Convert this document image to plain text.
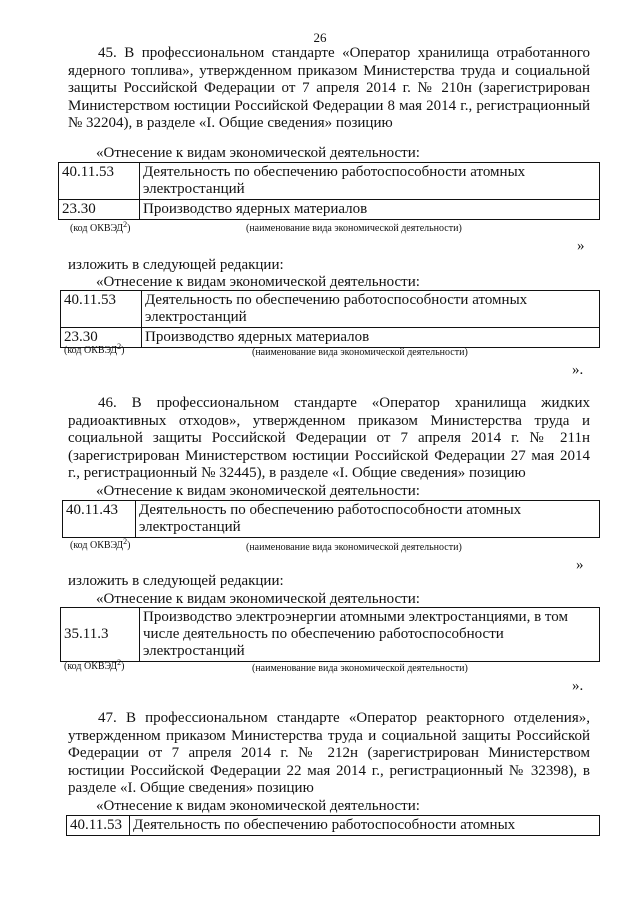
26
45. В профессиональном стандарте «Оператор хранилища отработанного ядерного топлива», утвержденном приказом Министерства труда и социальной защиты Российской Федерации от 7 апреля 2014 г. № 210н (зарегистрирован Министерством юстиции Российской Федерации 8 мая 2014 г., регистрационный № 32204), в разделе «I. Общие сведения» позицию
«Отнесение к видам экономической деятельности:
40.11.53	Деятельность по обеспечению работоспособности атомных электростанций
23.30	Производство ядерных материалов
(код ОКВЭД$^2$)	(наименование вида экономической деятельности)
»
изложить в следующей редакции:
«Отнесение к видам экономической деятельности:
40.11.53	Деятельность по обеспечению работоспособности атомных электростанций
23.30	Производство ядерных материалов
(код ОКВЭД$^2$)	(наименование вида экономической деятельности)
».
46. В профессиональном стандарте «Оператор хранилища жидких радиоактивных отходов», утвержденном приказом Министерства труда и социальной защиты Российской Федерации от 7 апреля 2014 г. № 211н (зарегистрирован Министерством юстиции Российской Федерации 27 мая 2014 г., регистрационный № 32445), в разделе «I. Общие сведения» позицию
«Отнесение к видам экономической деятельности:
40.11.43	Деятельность по обеспечению работоспособности атомных электростанций
(код ОКВЭД$^2$)	(наименование вида экономической деятельности)
»
изложить в следующей редакции:
«Отнесение к видам экономической деятельности:
35.11.3	Производство электроэнергии атомными электростанциями, в том числе деятельность по обеспечению работоспособности электростанций
(код ОКВЭД$^2$)	(наименование вида экономической деятельности)
».
47. В профессиональном стандарте «Оператор реакторного отделения», утвержденном приказом Министерства труда и социальной защиты Российской Федерации от 7 апреля 2014 г. № 212н (зарегистрирован Министерством юстиции Российской Федерации 22 мая 2014 г., регистрационный № 32398), в разделе «I. Общие сведения» позицию
«Отнесение к видам экономической деятельности:
40.11.53	Деятельность по обеспечению работоспособности атомных
